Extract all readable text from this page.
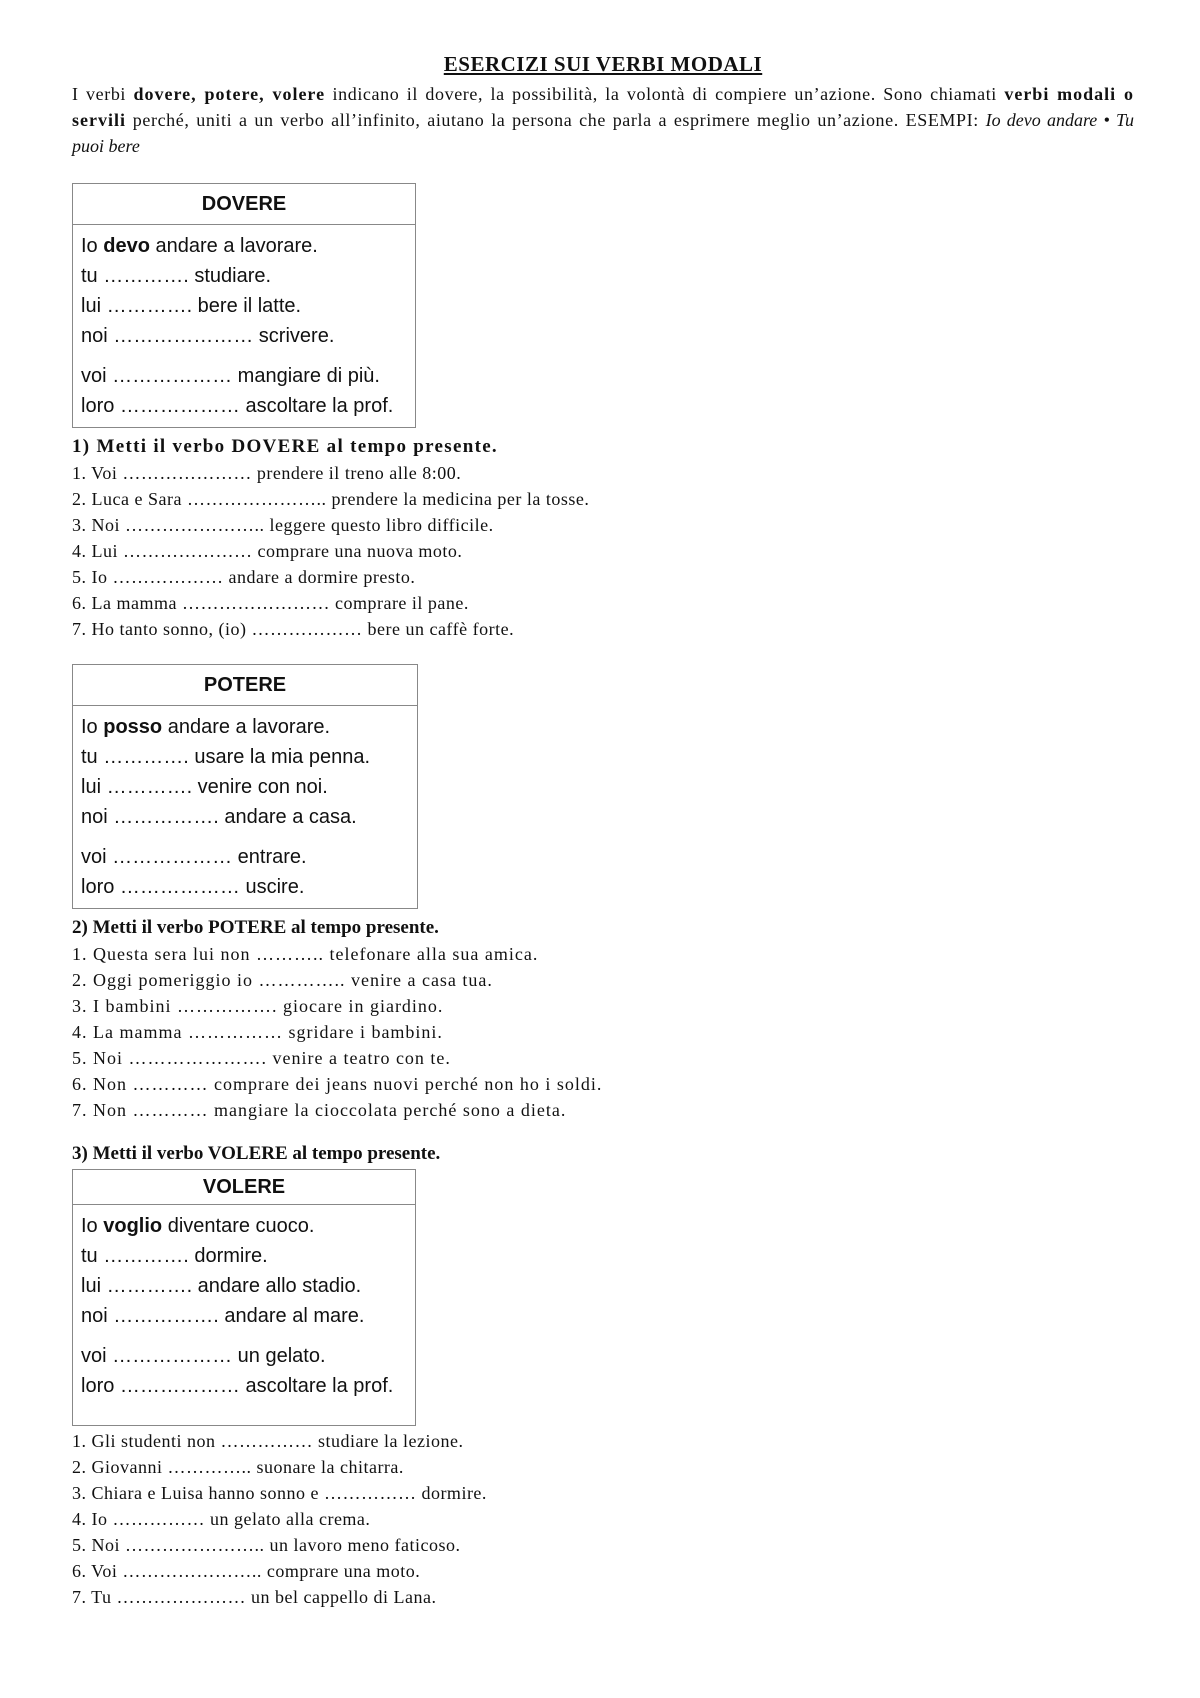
ESERCIZI SUI VERBI MODALI

I verbi dovere, potere, volere indicano il dovere, la possibilità, la volontà di compiere un’azione. Sono chiamati verbi modali o servili perché, uniti a un verbo all’infinito, aiutano la persona che parla a esprimere meglio un’azione. ESEMPI: Io devo andare • Tu puoi bere

DOVERE
Io devo andare a lavorare.
tu …………. studiare.
lui …………. bere il latte.
noi ………………… scrivere.
voi ……………… mangiare di più.
loro ……………… ascoltare la prof.
1) Metti il verbo DOVERE al tempo presente.
1. Voi ………………… prendere il treno alle 8:00.
2. Luca e Sara ………………….. prendere la medicina per la tosse.
3. Noi ………………….. leggere questo libro difficile.
4. Lui ………………… comprare una nuova moto.
5. Io ……………… andare a dormire presto.
6. La mamma …………………… comprare il pane.
7. Ho tanto sonno, (io) ……………… bere un caffè forte.
POTERE
Io posso andare a lavorare.
tu …………. usare la mia penna.
lui …………. venire con noi.
noi ……………. andare a casa.
voi ……………… entrare.
loro ……………… uscire.
2) Metti il verbo POTERE al tempo presente.
1. Questa sera lui non ……….. telefonare alla sua amica.
2. Oggi pomeriggio io ………….. venire a casa tua.
3. I bambini ……………. giocare in giardino.
4. La mamma …………… sgridare i bambini.
5. Noi …………………. venire a teatro con te.
6. Non ………… comprare dei jeans nuovi perché non ho i soldi.
7. Non ………… mangiare la cioccolata perché sono a dieta.
3) Metti il verbo VOLERE al tempo presente.
VOLERE
Io voglio diventare cuoco.
tu …………. dormire.
lui …………. andare allo stadio.
noi ……………. andare al mare.
voi ……………… un gelato.
loro ……………… ascoltare la prof.
1. Gli studenti non …………… studiare la lezione.
2. Giovanni ………….. suonare la chitarra.
3. Chiara e Luisa hanno sonno e …………… dormire.
4. Io …………… un gelato alla crema.
5. Noi ………………….. un lavoro meno faticoso.
6. Voi ………………….. comprare una moto.
7. Tu ………………… un bel cappello di Lana.
